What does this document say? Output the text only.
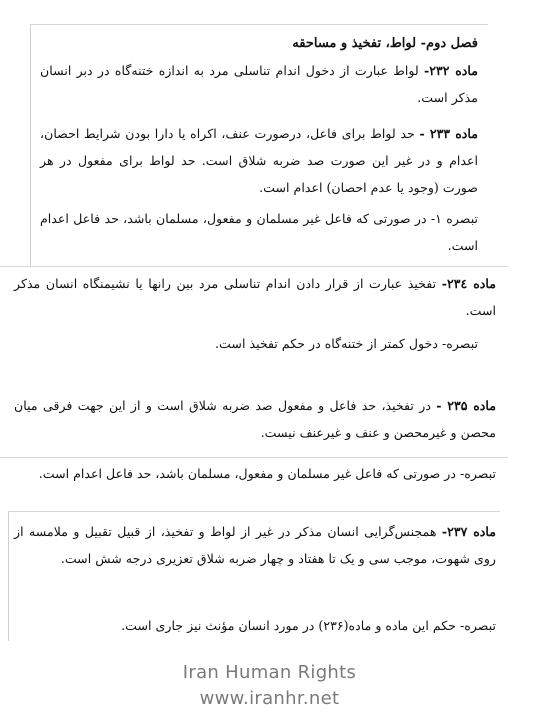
فصل دوم- لواط، تفخيذ و مساحقه

ماده ۲۳۲- لواط عبارت از دخول اندام تناسلی مرد به اندازه ختنه‌گاه در دبر انسان مذکر است.

ماده ۲۳۳ - حد لواط برای فاعل، درصورت عنف، اکراه یا دارا بودن شرایط احصان، اعدام و در غیر این صورت صد ضربه شلاق است. حد لواط برای مفعول در هر صورت (وجود یا عدم احصان) اعدام است.

تبصره ۱- در صورتی که فاعل غیر مسلمان و مفعول، مسلمان باشد، حد فاعل اعدام است.

ماده ۲۳٤- تفخیذ عبارت از قرار دادن اندام تناسلی مرد بین رانها یا نشیمنگاه انسان مذکر است.

تبصره- دخول کمتر از ختنه‌گاه در حکم تفخیذ است.

ماده ۲۳۵ - در تفخیذ، حد فاعل و مفعول صد ضربه شلاق است و از این جهت فرقی میان محصن و غیرمحصن و عنف و غیرعنف نیست.

تبصره- در صورتی که فاعل غیر مسلمان و مفعول، مسلمان باشد، حد فاعل اعدام است.

ماده ۲۳۷- همجنس‌گرایی انسان مذکر در غیر از لواط و تفخیذ، از قبیل تقبیل و ملامسه از روی شهوت، موجب سی و یک تا هفتاد و چهار ضربه شلاق تعزیری درجه شش است.

تبصره- حکم این ماده و ماده(۲۳۶) در مورد انسان مؤنث نیز جاری است.

Iran Human Rights
www.iranhr.net
